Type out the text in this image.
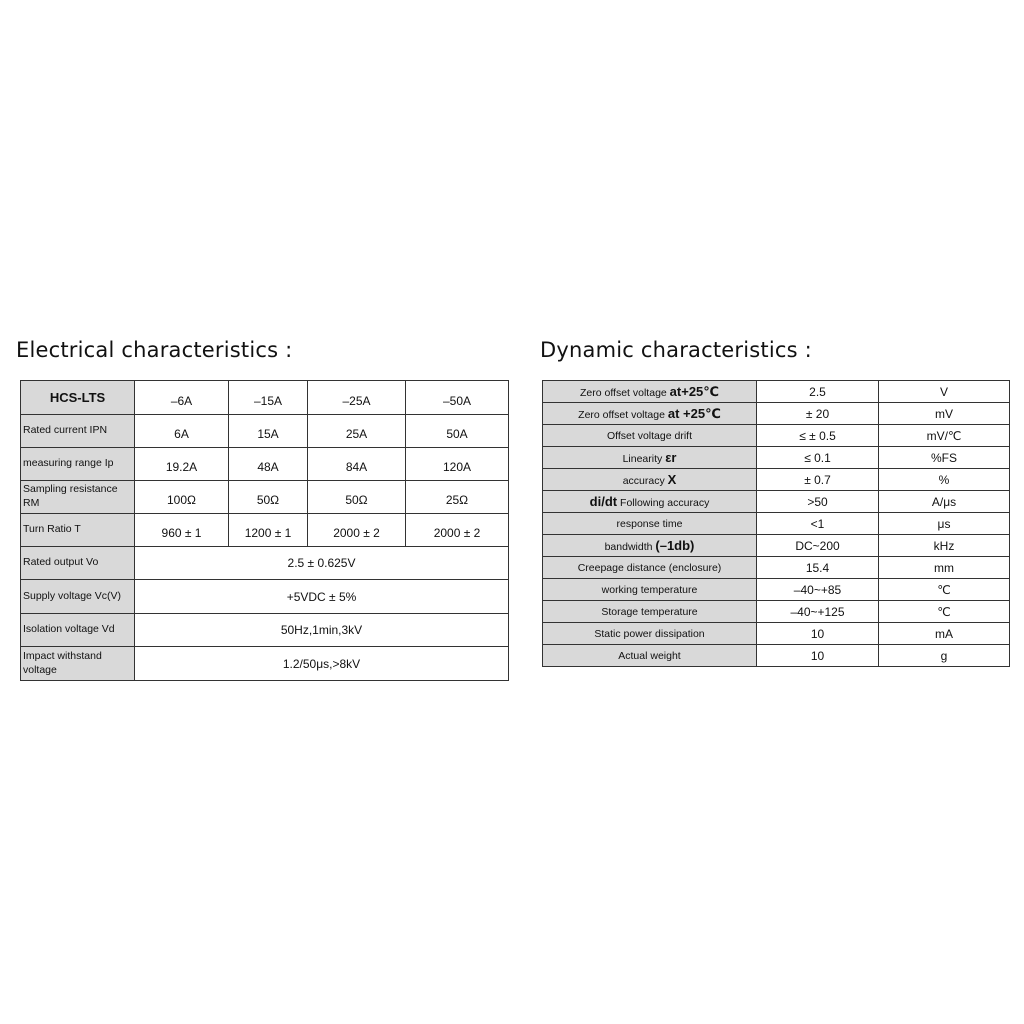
Electrical characteristics :	Dynamic characteristics :
HCS-LTS	–6A	–15A	–25A	–50A
Rated current IPN	6A	15A	25A	50A
measuring range Ip	19.2A	48A	84A	120A
Sampling resistance RM	100Ω	50Ω	50Ω	25Ω
Turn Ratio T	960 ± 1	1200 ± 1	2000 ± 2	2000 ± 2
Rated output Vo	2.5 ± 0.625V			
Supply voltage Vc(V)	+5VDC ± 5%			
Isolation voltage Vd	50Hz,1min,3kV			
Impact withstand voltage	1.2/50μs,>8kV			
Zero offset voltage at+25℃	2.5	V
Zero offset voltage at +25℃	± 20	mV
Offset voltage drift	≤ ± 0.5	mV/℃
Linearity εr	≤ 0.1	%FS
accuracy X	± 0.7	%
di/dt Following accuracy	>50	A/μs
response time	<1	μs
bandwidth (–1db)	DC~200	kHz
Creepage distance (enclosure)	15.4	mm
working temperature	–40~+85	℃
Storage temperature	–40~+125	℃
Static power dissipation	10	mA
Actual weight	10	g
